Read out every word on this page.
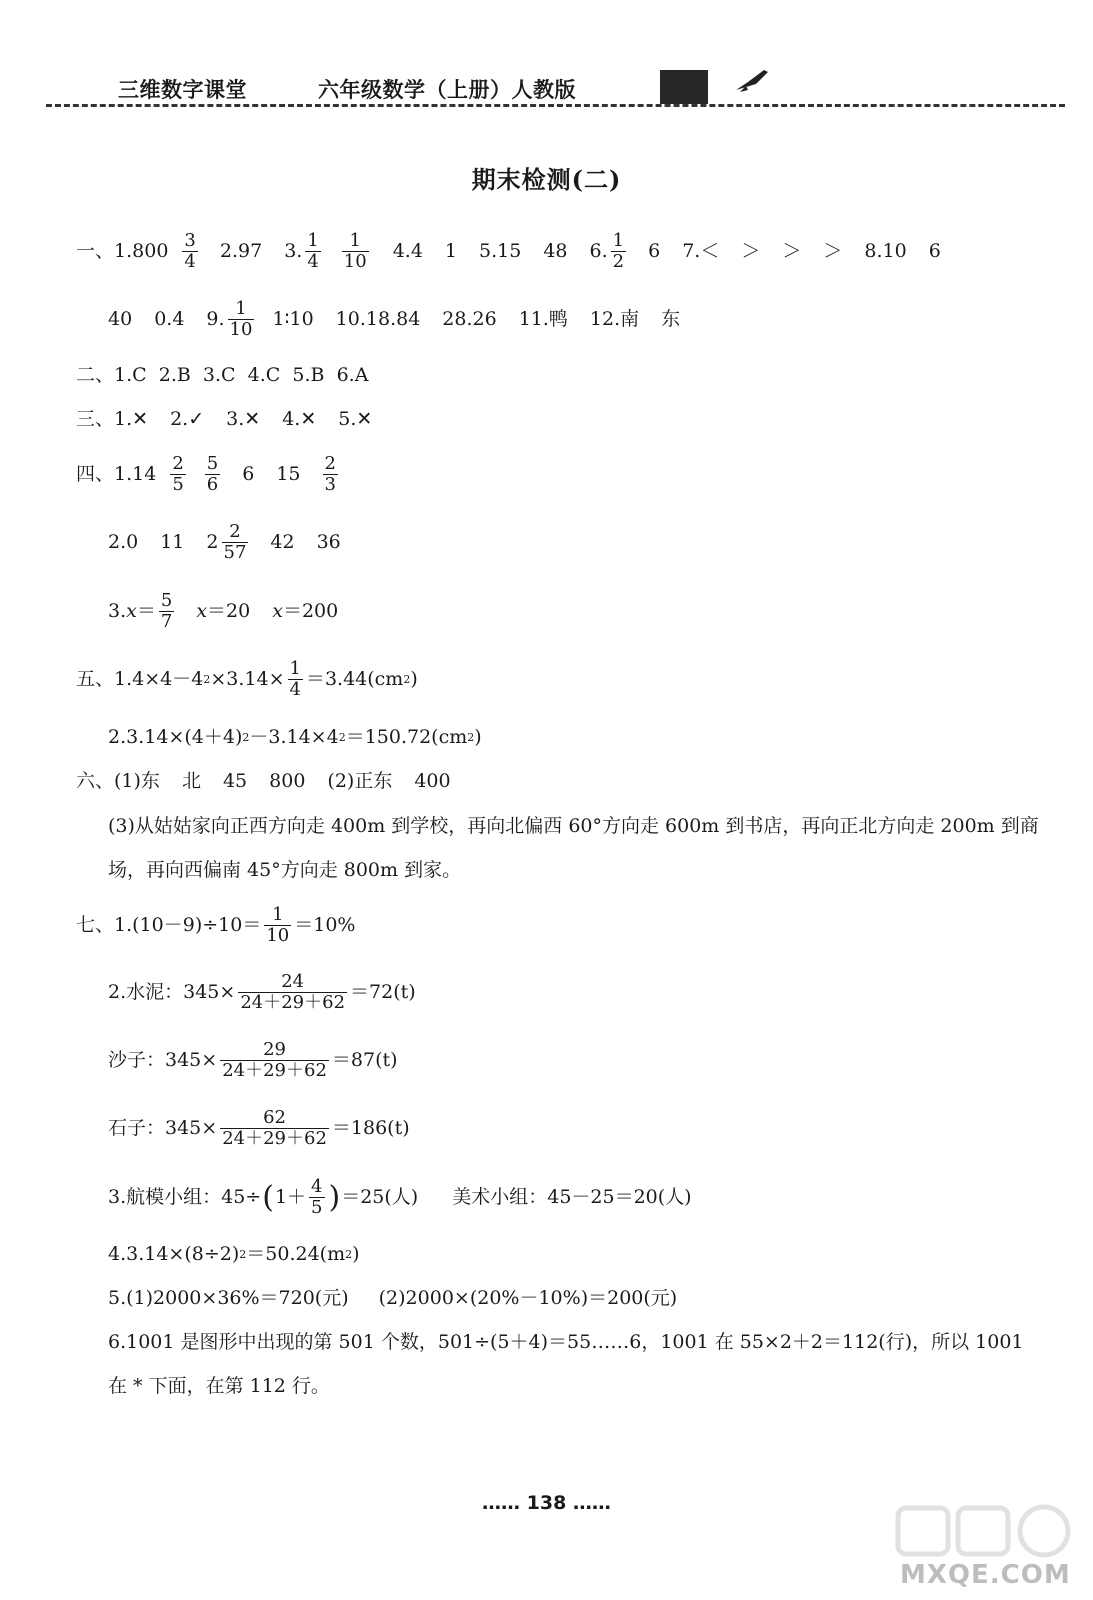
三维数字课堂	六年级数学（上册）人教版
期末检测(二)
一、 $1.800 \frac{3}{4} 2.97$ 3. $\frac{1}{4} \frac{1}{10} 4.4$ 1 5.15 48 6. $\frac{1}{2} 6$ 7.＜ ＞ ＞ ＞ 8.10 6
40 0.4 9. $\frac{1}{10}$ 1∶10 10.18.84 28.26 11.鸭 12.南 东
二、 1.C  2.B  3.C  4.C  5.B  6.A
三、 1.✕ 2.✓ 3.✕ 4.✕ 5.✕
四、 $1.14 \frac{2}{5} \frac{5}{6} 6$ $15 \frac{2}{3}$
2.0 11 $2 \frac{2}{57} 42$ 36
3. $x = \frac{5}{7}$ x ＝20 x ＝200
五、 1.4×4－4 $2 \times 3.14\times \frac{1}{4} =3.44(cm$ 2 )
2.3.14×(4＋4) 2 －3.14×4 2 ＝150.72(cm 2 )
六、 (1)东 北 45 800 (2)正东 400
(3)从姑姑家向正西方向走 400m 到学校，再向北偏西 60°方向走 600m 到书店，再向正北方向走 200m 到商场，再向西偏南 45°方向走 800m 到家。
七、 $1.(10-9)\div 10= \frac{1}{10} =10\%$
2.水泥：$345\times \frac{24}{24+29+62} =72(t)$
沙子：$345\times \frac{29}{24+29+62} =87(t)$
石子：$345\times \frac{62}{24+29+62} =186(t)$
3.航模小组：45÷ ( $1+ \frac{4}{5}$ ) ＝25(人) 美术小组：45－25＝20(人)
4.3.14×(8÷2) 2 ＝50.24(m 2 )
5.(1)2000×36%＝720(元) (2)2000×(20%－10%)＝200(元)
6.1001 是图形中出现的第 501 个数，501÷(5＋4)＝55……6，1001 在 55×2＋2＝112(行)，所以 1001 在 * 下面，在第 112 行。
…… 138 ……
MXQE.COM
